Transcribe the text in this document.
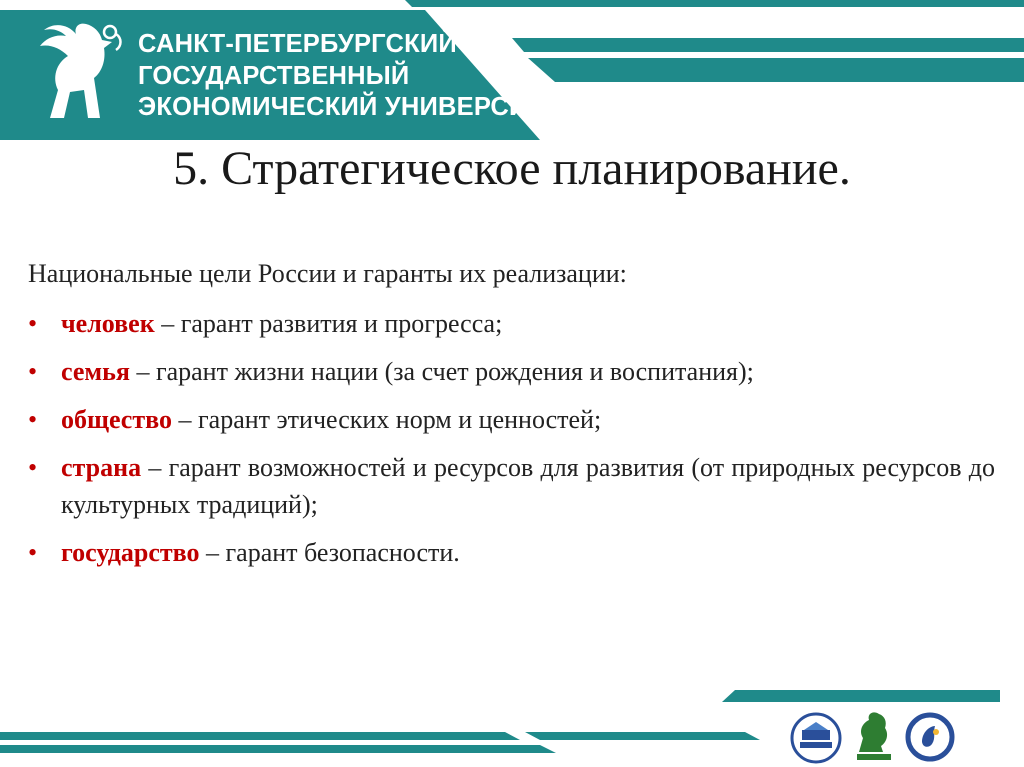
САНКТ-ПЕТЕРБУРГСКИЙ
ГОСУДАРСТВЕННЫЙ
ЭКОНОМИЧЕСКИЙ УНИВЕРСИТЕТ
5. Стратегическое планирование.
Национальные цели России и гаранты их реализации:
• человек – гарант развития и прогресса;
• семья – гарант жизни нации (за счет рождения и воспитания);
• общество – гарант этических норм и ценностей;
• страна – гарант возможностей и ресурсов для развития (от природных ресурсов до культурных традиций);
• государство – гарант безопасности.
